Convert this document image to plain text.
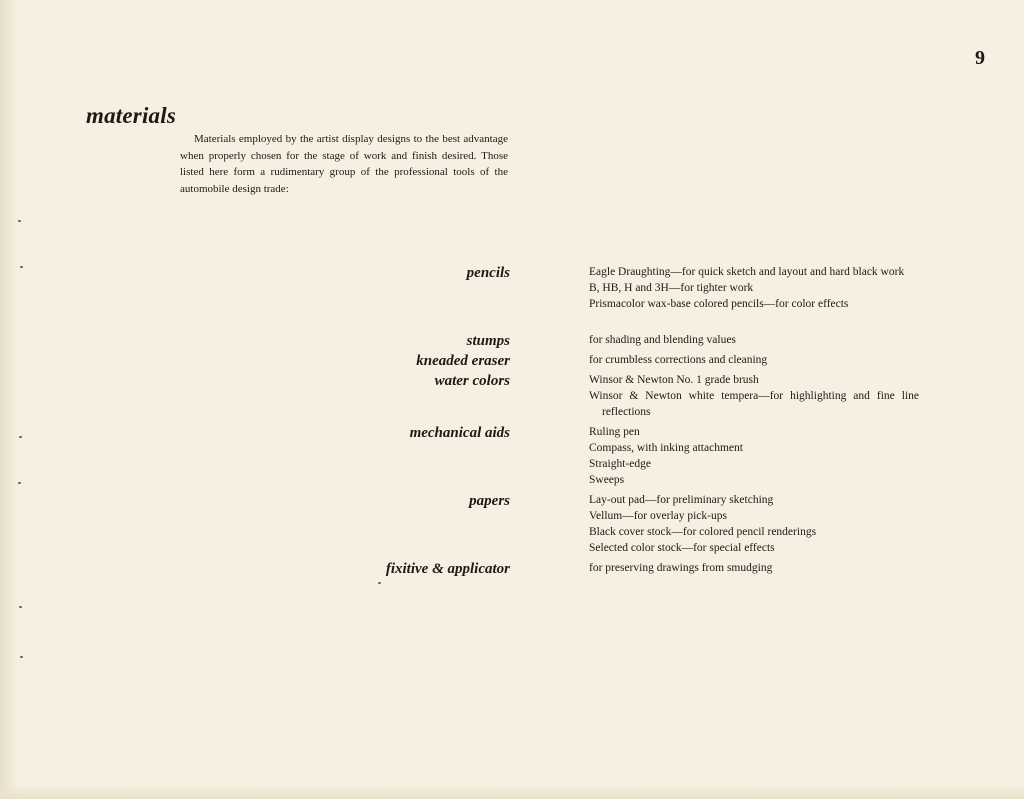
9
materials

Materials employed by the artist display designs to the best advantage when properly chosen for the stage of work and finish desired. Those listed here form a rudimentary group of the professional tools of the automobile design trade:

pencils	Eagle Draughting—for quick sketch and layout and hard black work
B, HB, H and 3H—for tighter work
Prismacolor wax-base colored pencils—for color effects
stumps	for shading and blending values
kneaded eraser	for crumbless corrections and cleaning
water colors	Winsor & Newton No. 1 grade brush
Winsor & Newton white tempera—for highlighting and fine line reflections
mechanical aids	Ruling pen
Compass, with inking attachment
Straight-edge
Sweeps
papers	Lay-out pad—for preliminary sketching
Vellum—for overlay pick-ups
Black cover stock—for colored pencil renderings
Selected color stock—for special effects
fixitive & applicator	for preserving drawings from smudging
